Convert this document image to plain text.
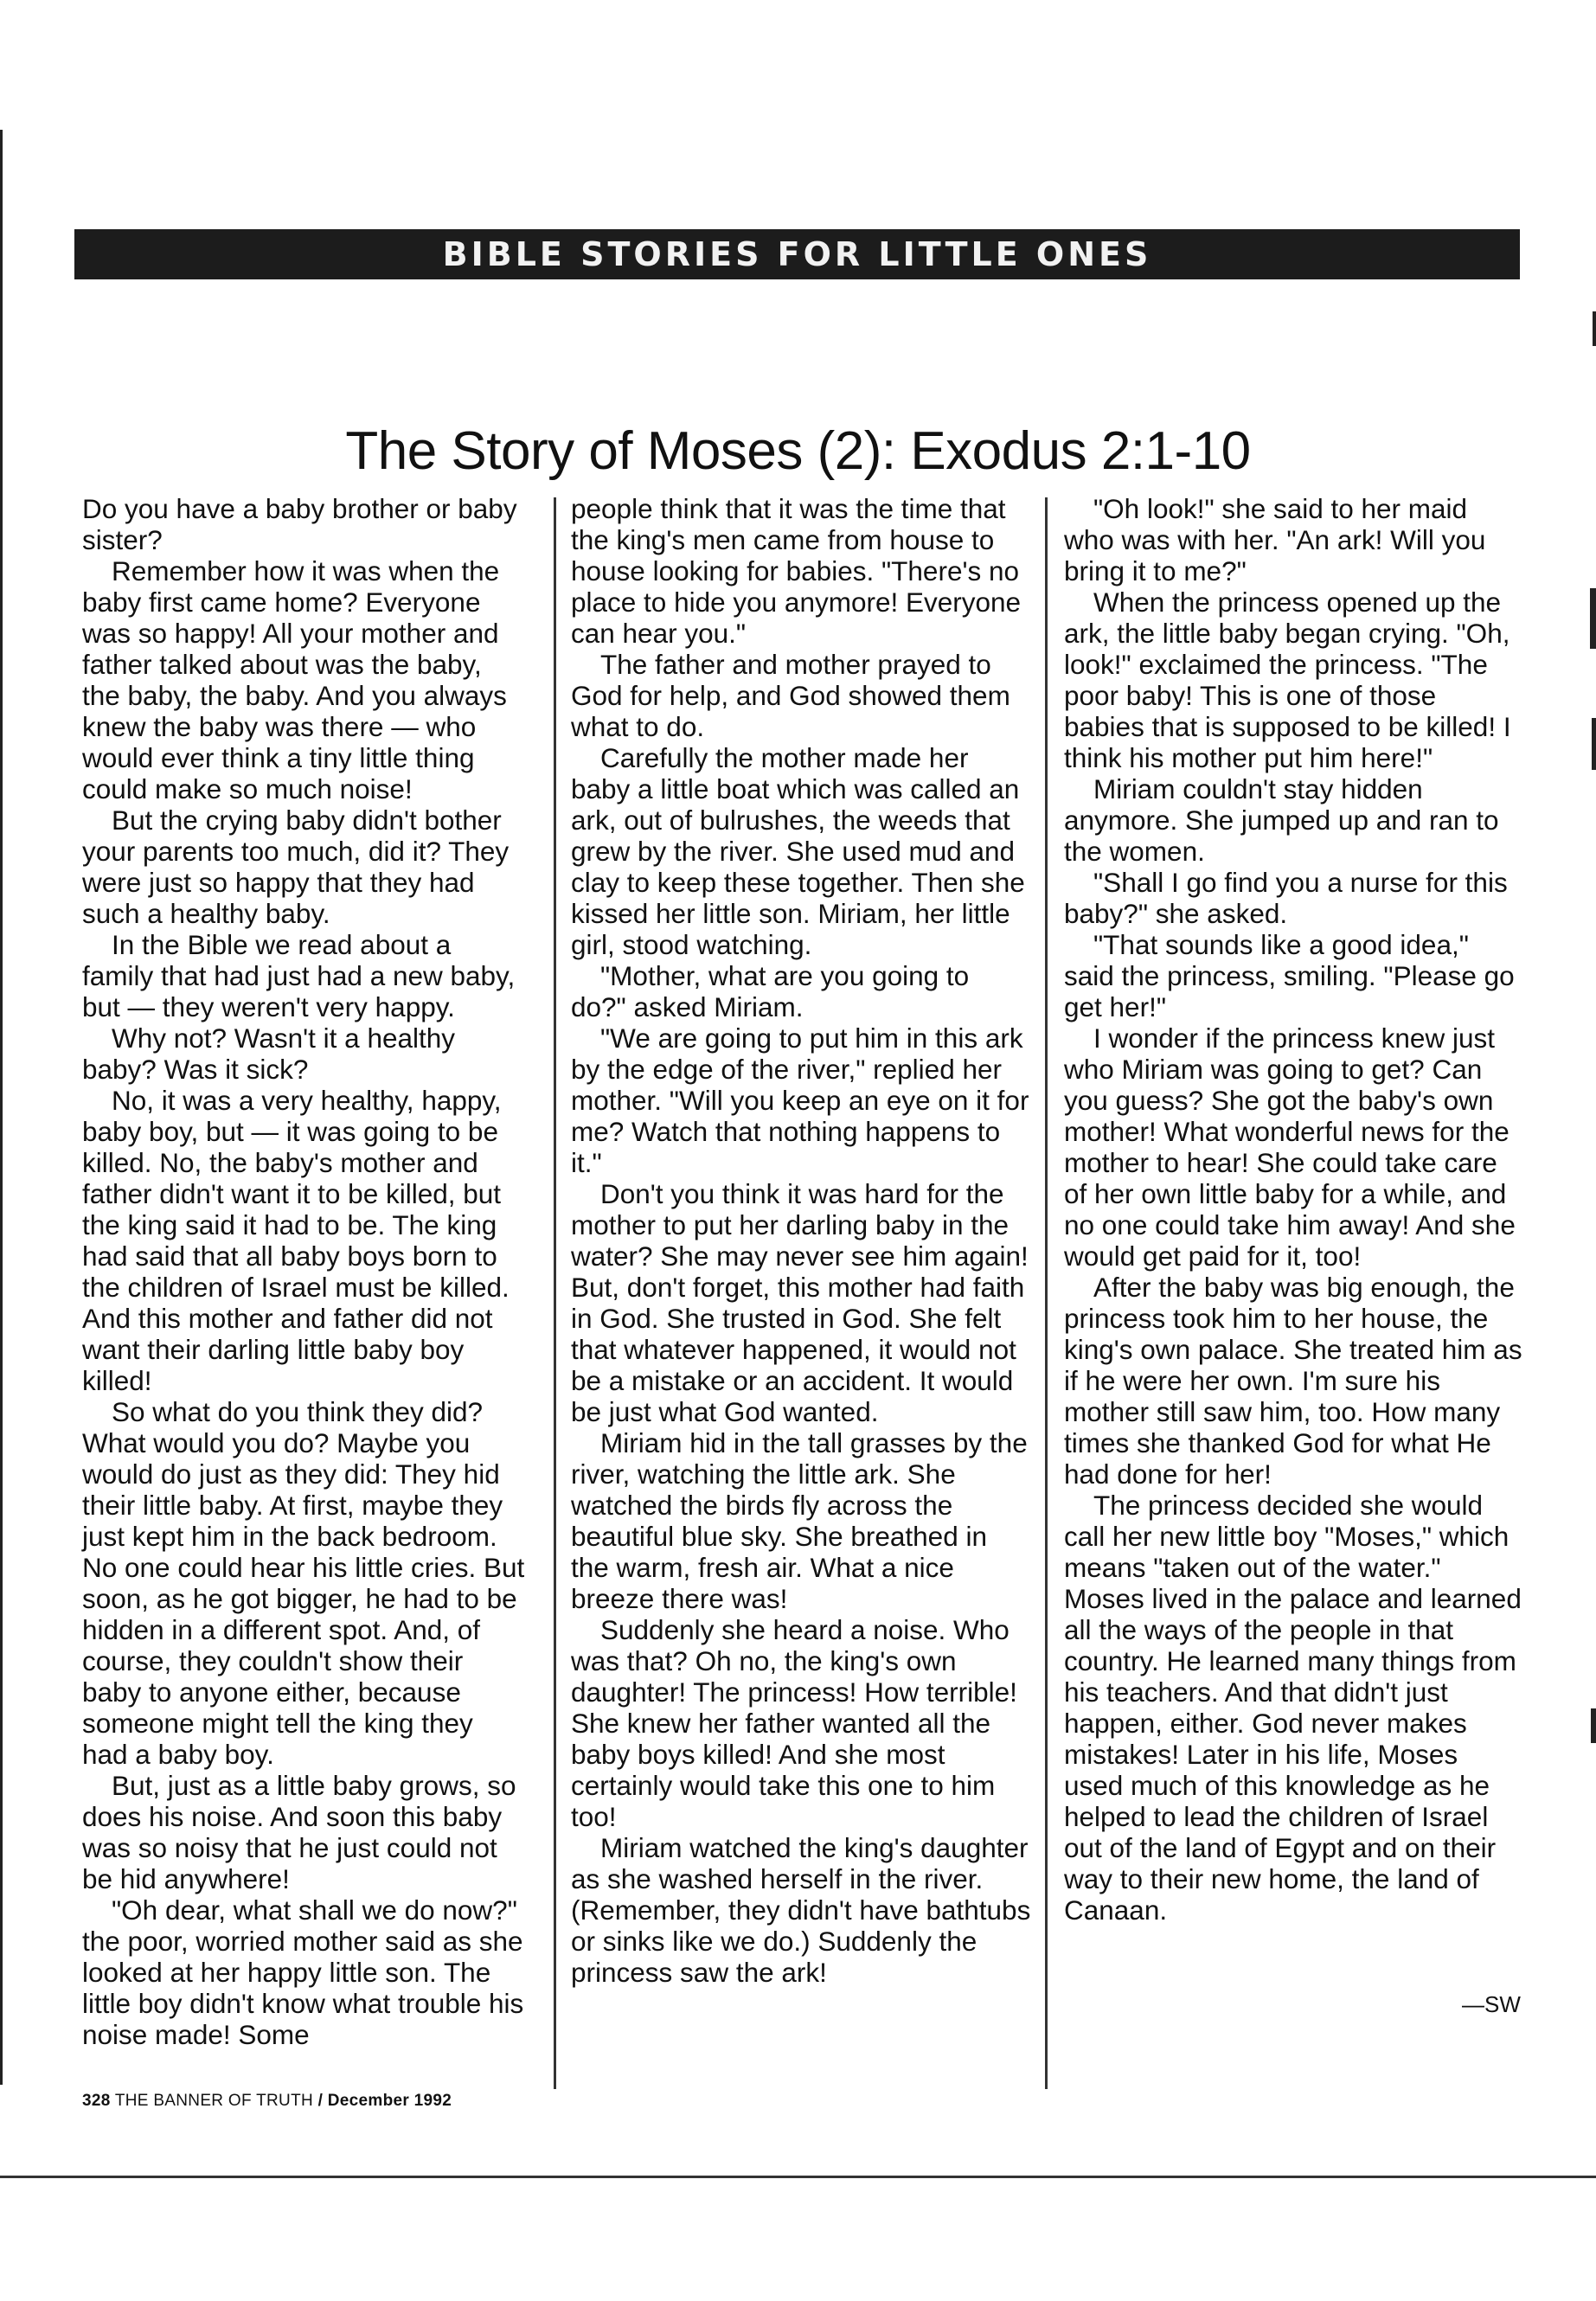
BIBLE STORIES FOR LITTLE ONES
The Story of Moses (2): Exodus 2:1-10

Do you have a baby brother or baby sister?

Remember how it was when the baby first came home? Everyone was so happy! All your mother and father talked about was the baby, the baby, the baby. And you always knew the baby was there — who would ever think a tiny little thing could make so much noise!

But the crying baby didn't bother your parents too much, did it? They were just so happy that they had such a healthy baby.

In the Bible we read about a family that had just had a new baby, but — they weren't very happy.

Why not? Wasn't it a healthy baby? Was it sick?

No, it was a very healthy, happy, baby boy, but — it was going to be killed. No, the baby's mother and father didn't want it to be killed, but the king said it had to be. The king had said that all baby boys born to the children of Israel must be killed. And this mother and father did not want their darling little baby boy killed!

So what do you think they did? What would you do? Maybe you would do just as they did: They hid their little baby. At first, maybe they just kept him in the back bedroom. No one could hear his little cries. But soon, as he got bigger, he had to be hidden in a different spot. And, of course, they couldn't show their baby to anyone either, because someone might tell the king they had a baby boy.

But, just as a little baby grows, so does his noise. And soon this baby was so noisy that he just could not be hid anywhere!

"Oh dear, what shall we do now?" the poor, worried mother said as she looked at her happy little son. The little boy didn't know what trouble his noise made! Some

people think that it was the time that the king's men came from house to house looking for babies. "There's no place to hide you anymore! Everyone can hear you."

The father and mother prayed to God for help, and God showed them what to do.

Carefully the mother made her baby a little boat which was called an ark, out of bulrushes, the weeds that grew by the river. She used mud and clay to keep these together. Then she kissed her little son. Miriam, her little girl, stood watching.

"Mother, what are you going to do?" asked Miriam.

"We are going to put him in this ark by the edge of the river," replied her mother. "Will you keep an eye on it for me? Watch that nothing happens to it."

Don't you think it was hard for the mother to put her darling baby in the water? She may never see him again! But, don't forget, this mother had faith in God. She trusted in God. She felt that whatever happened, it would not be a mistake or an accident. It would be just what God wanted.

Miriam hid in the tall grasses by the river, watching the little ark. She watched the birds fly across the beautiful blue sky. She breathed in the warm, fresh air. What a nice breeze there was!

Suddenly she heard a noise. Who was that? Oh no, the king's own daughter! The princess! How terrible! She knew her father wanted all the baby boys killed! And she most certainly would take this one to him too!

Miriam watched the king's daughter as she washed herself in the river. (Remember, they didn't have bathtubs or sinks like we do.) Suddenly the princess saw the ark!

"Oh look!" she said to her maid who was with her. "An ark! Will you bring it to me?"

When the princess opened up the ark, the little baby began crying. "Oh, look!" exclaimed the princess. "The poor baby! This is one of those babies that is supposed to be killed! I think his mother put him here!"

Miriam couldn't stay hidden anymore. She jumped up and ran to the women.

"Shall I go find you a nurse for this baby?" she asked.

"That sounds like a good idea," said the princess, smiling. "Please go get her!"

I wonder if the princess knew just who Miriam was going to get? Can you guess? She got the baby's own mother! What wonderful news for the mother to hear! She could take care of her own little baby for a while, and no one could take him away! And she would get paid for it, too!

After the baby was big enough, the princess took him to her house, the king's own palace. She treated him as if he were her own. I'm sure his mother still saw him, too. How many times she thanked God for what He had done for her!

The princess decided she would call her new little boy "Moses," which means "taken out of the water." Moses lived in the palace and learned all the ways of the people in that country. He learned many things from his teachers. And that didn't just happen, either. God never makes mistakes! Later in his life, Moses used much of this knowledge as he helped to lead the children of Israel out of the land of Egypt and on their way to their new home, the land of Canaan.

—SW
328 THE BANNER OF TRUTH / December 1992
